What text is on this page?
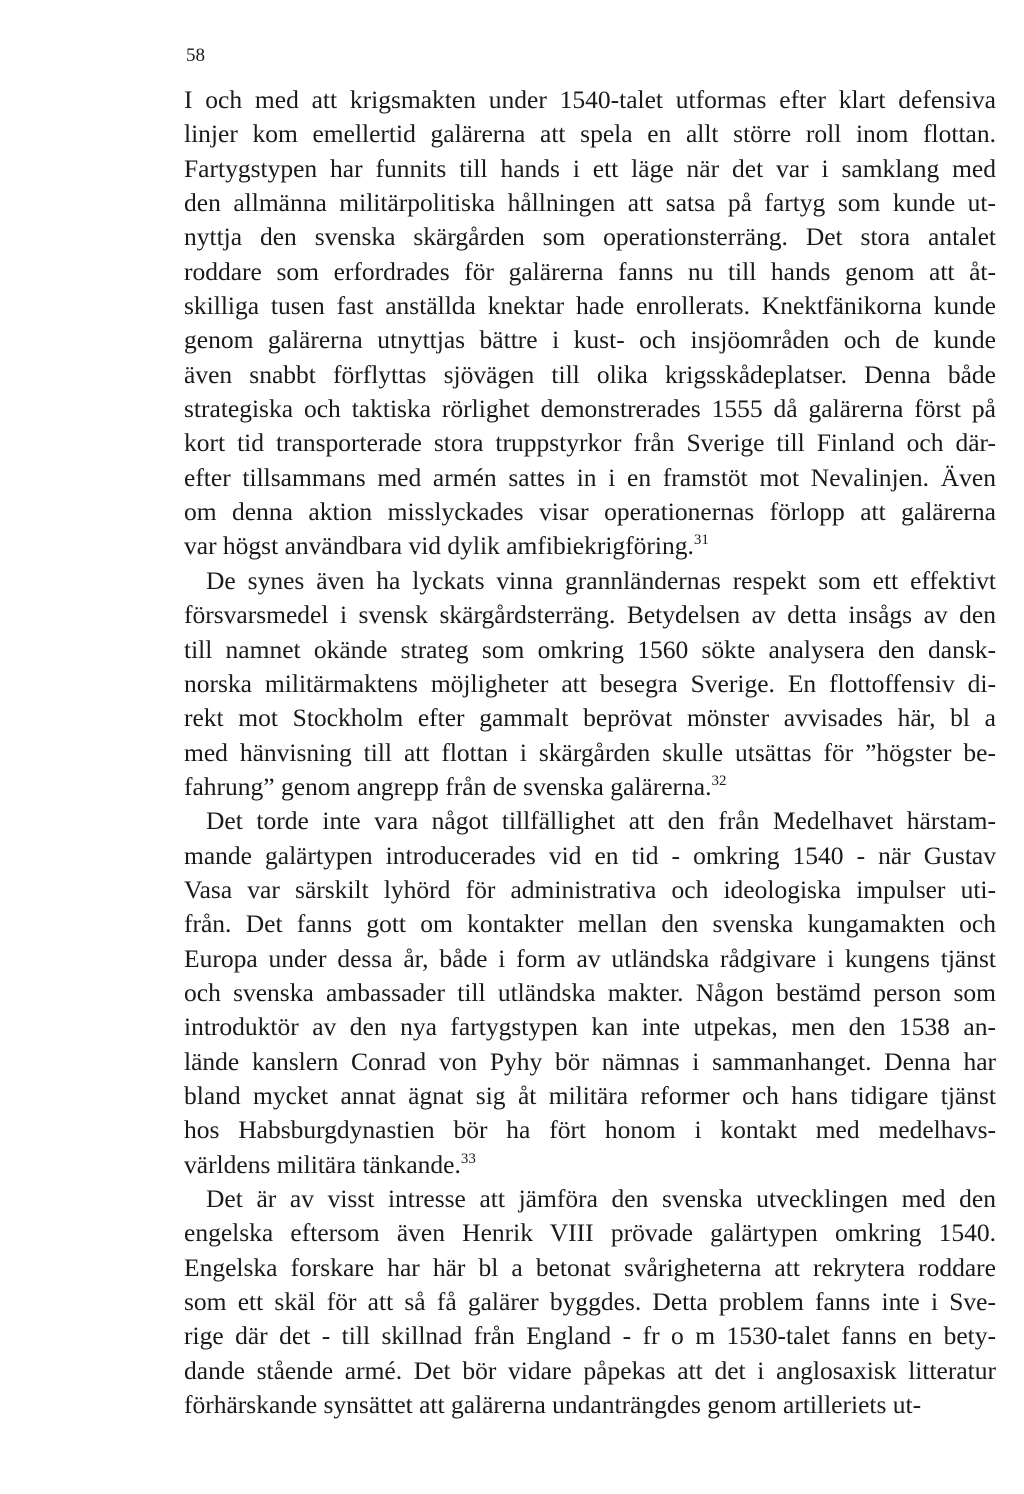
58
I och med att krigsmakten under 1540-talet utformas efter klart defensiva
linjer kom emellertid galärerna att spela en allt större roll inom flottan.
Fartygstypen har funnits till hands i ett läge när det var i samklang med
den allmänna militärpolitiska hållningen att satsa på fartyg som kunde ut-
nyttja den svenska skärgården som operationsterräng. Det stora antalet
roddare som erfordrades för galärerna fanns nu till hands genom att åt-
skilliga tusen fast anställda knektar hade enrollerats. Knektfänikorna kunde
genom galärerna utnyttjas bättre i kust- och insjöområden och de kunde
även snabbt förflyttas sjövägen till olika krigsskådeplatser. Denna både
strategiska och taktiska rörlighet demonstrerades 1555 då galärerna först på
kort tid transporterade stora truppstyrkor från Sverige till Finland och där-
efter tillsammans med armén sattes in i en framstöt mot Nevalinjen. Även
om denna aktion misslyckades visar operationernas förlopp att galärerna
var högst användbara vid dylik amfibiekrigföring.$^{31}$
De synes även ha lyckats vinna grannländernas respekt som ett effektivt
försvarsmedel i svensk skärgårdsterräng. Betydelsen av detta insågs av den
till namnet okände strateg som omkring 1560 sökte analysera den dansk-
norska militärmaktens möjligheter att besegra Sverige. En flottoffensiv di-
rekt mot Stockholm efter gammalt beprövat mönster avvisades här, bl a
med hänvisning till att flottan i skärgården skulle utsättas för ”högster be-
fahrung” genom angrepp från de svenska galärerna.$^{32}$
Det torde inte vara något tillfällighet att den från Medelhavet härstam-
mande galärtypen introducerades vid en tid - omkring 1540 - när Gustav
Vasa var särskilt lyhörd för administrativa och ideologiska impulser uti-
från. Det fanns gott om kontakter mellan den svenska kungamakten och
Europa under dessa år, både i form av utländska rådgivare i kungens tjänst
och svenska ambassader till utländska makter. Någon bestämd person som
introduktör av den nya fartygstypen kan inte utpekas, men den 1538 an-
lände kanslern Conrad von Pyhy bör nämnas i sammanhanget. Denna har
bland mycket annat ägnat sig åt militära reformer och hans tidigare tjänst
hos Habsburgdynastien bör ha fört honom i kontakt med medelhavs-
världens militära tänkande.$^{33}$
Det är av visst intresse att jämföra den svenska utvecklingen med den
engelska eftersom även Henrik VIII prövade galärtypen omkring 1540.
Engelska forskare har här bl a betonat svårigheterna att rekrytera roddare
som ett skäl för att så få galärer byggdes. Detta problem fanns inte i Sve-
rige där det - till skillnad från England - fr o m 1530-talet fanns en bety-
dande stående armé. Det bör vidare påpekas att det i anglosaxisk litteratur
förhärskande synsättet att galärerna undanträngdes genom artilleriets ut-
